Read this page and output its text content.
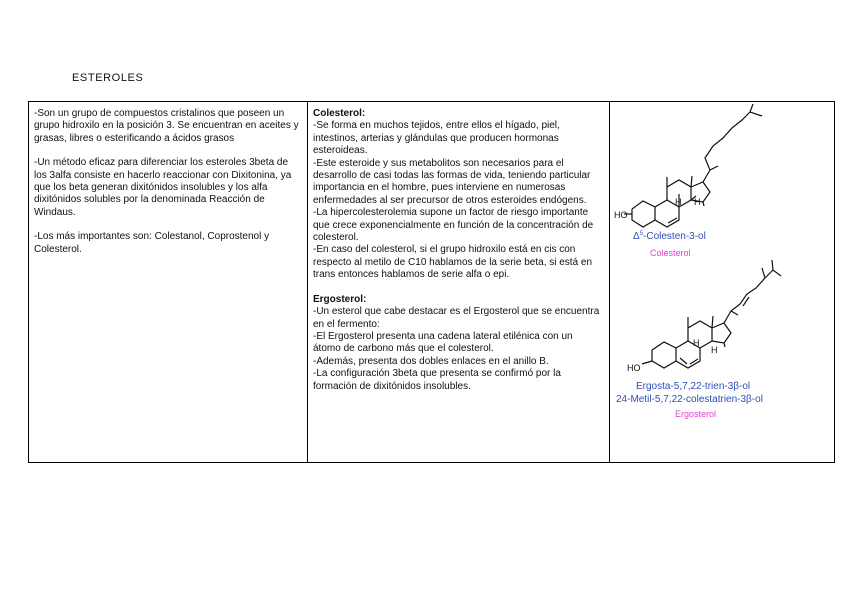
ESTEROLES

-Son un grupo de compuestos cristalinos que poseen un grupo hidroxilo en la posición 3. Se encuentran en aceites y grasas, libres o esterificando a ácidos grasos

-Un método eficaz para diferenciar los esteroles 3beta de los 3alfa consiste en hacerlo reaccionar con Dixitonina, ya que los beta generan dixitónidos insolubles y los alfa dixitónidos solubles por la denominada Reacción de Windaus.

-Los más importantes son: Colestanol, Coprostenol y Colesterol.

Colesterol:
-Se forma en muchos tejidos, entre ellos el hígado, piel, intestinos, arterias y glándulas que producen hormonas esteroideas.
-Este esteroide y sus metabolitos son necesarios para el desarrollo de casi todas las formas de vida, teniendo particular importancia en el hombre, pues interviene en numerosas enfermedades al ser precursor de otros esteroides endógens.
-La hipercolesterolemia supone un factor de riesgo importante que crece exponencialmente en función de la concentración de colesterol.
-En caso del colesterol, si el grupo hidroxilo está en cis con respecto al metilo de C10 hablamos de la serie beta, si está en trans entonces hablamos de serie alfa o epi.
Ergosterol:
-Un esterol que cabe destacar es el Ergosterol que se encuentra en el fermento:
-El Ergosterol presenta una cadena lateral etilénica con un átomo de carbono más que el colesterol.
-Además, presenta dos dobles enlaces en el anillo B.
-La configuración 3beta que presenta se confirmó por la formación de dixitónidos insolubles.

HO
H H
$\Delta^5-Colesten-3-ol$
Colesterol
HO
H
H
Ergosta-5,7,22-trien-3β-ol
24-Metil-5,7,22-colestatrien-3β-ol
Ergosterol
